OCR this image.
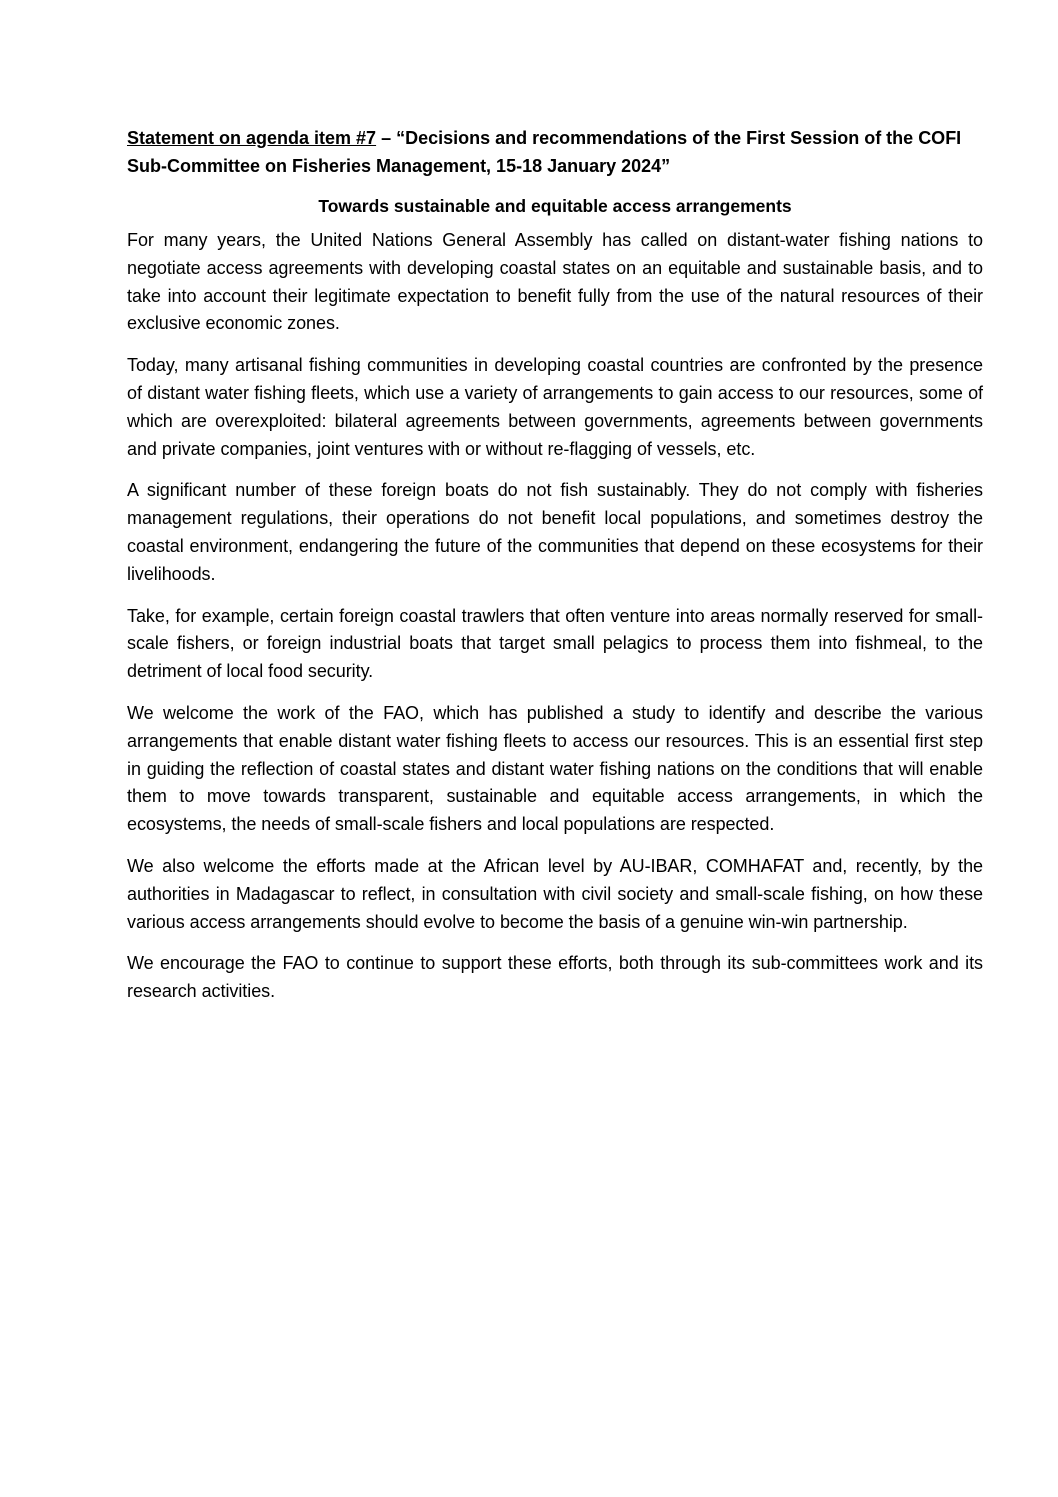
Statement on agenda item #7 – “Decisions and recommendations of the First Session of the COFI Sub-Committee on Fisheries Management, 15-18 January 2024”

Towards sustainable and equitable access arrangements

For many years, the United Nations General Assembly has called on distant-water fishing nations to negotiate access agreements with developing coastal states on an equitable and sustainable basis, and to take into account their legitimate expectation to benefit fully from the use of the natural resources of their exclusive economic zones.

Today, many artisanal fishing communities in developing coastal countries are confronted by the presence of distant water fishing fleets, which use a variety of arrangements to gain access to our resources, some of which are overexploited: bilateral agreements between governments, agreements between governments and private companies, joint ventures with or without re-flagging of vessels, etc.

A significant number of these foreign boats do not fish sustainably. They do not comply with fisheries management regulations, their operations do not benefit local populations, and sometimes destroy the coastal environment, endangering the future of the communities that depend on these ecosystems for their livelihoods.

Take, for example, certain foreign coastal trawlers that often venture into areas normally reserved for small-scale fishers, or foreign industrial boats that target small pelagics to process them into fishmeal, to the detriment of local food security.

We welcome the work of the FAO, which has published a study to identify and describe the various arrangements that enable distant water fishing fleets to access our resources. This is an essential first step in guiding the reflection of coastal states and distant water fishing nations on the conditions that will enable them to move towards transparent, sustainable and equitable access arrangements, in which the ecosystems, the needs of small-scale fishers and local populations are respected.

We also welcome the efforts made at the African level by AU-IBAR, COMHAFAT and, recently, by the authorities in Madagascar to reflect, in consultation with civil society and small-scale fishing, on how these various access arrangements should evolve to become the basis of a genuine win-win partnership.

We encourage the FAO to continue to support these efforts, both through its sub-committees work and its research activities.
